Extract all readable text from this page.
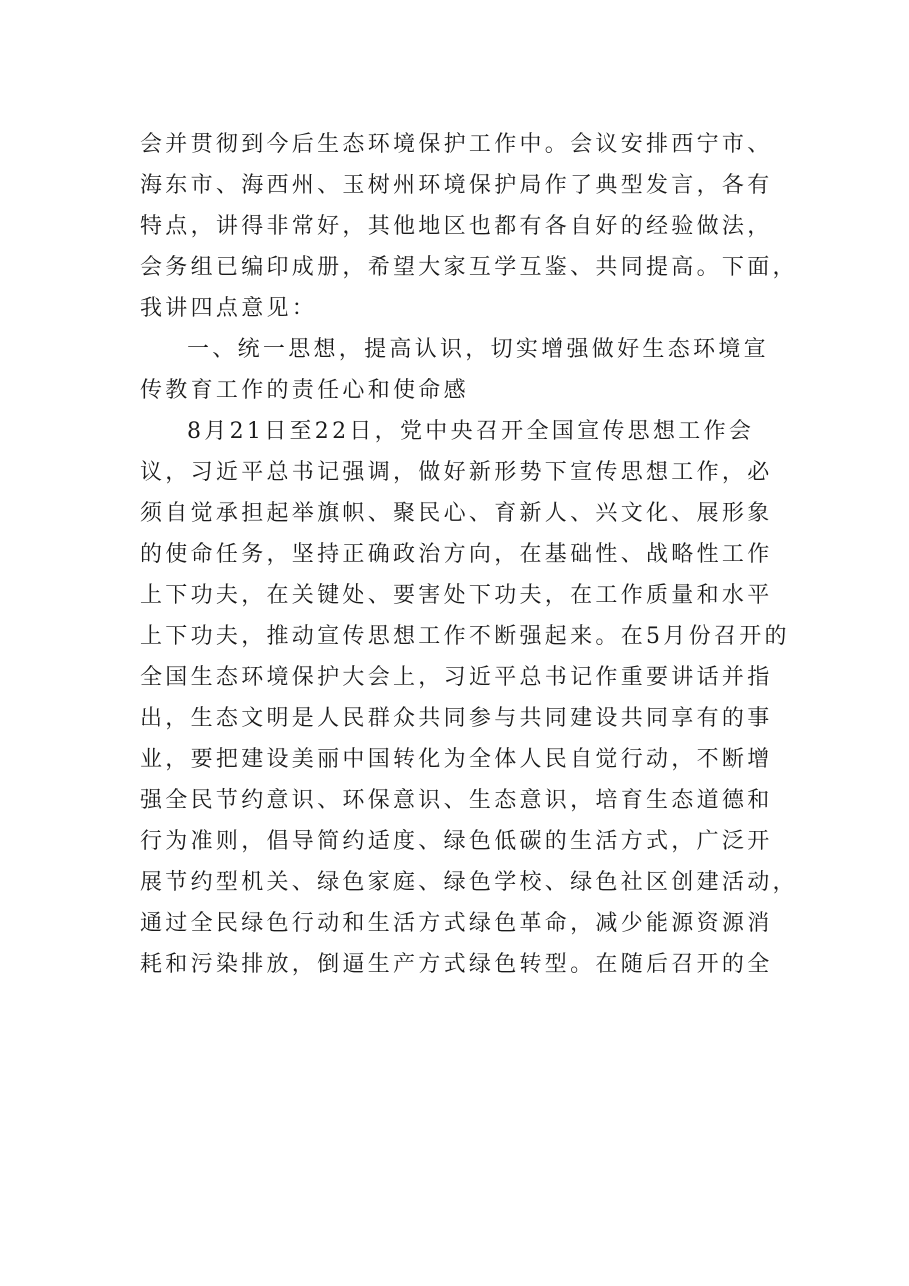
会并贯彻到今后生态环境保护工作中。会议安排西宁市、
海东市、海西州、玉树州环境保护局作了典型发言，各有
特点，讲得非常好，其他地区也都有各自好的经验做法，
会务组已编印成册，希望大家互学互鉴、共同提高。下面，
我讲四点意见：
一、统一思想，提高认识，切实增强做好生态环境宣
传教育工作的责任心和使命感
8月21日至22日，党中央召开全国宣传思想工作会
议，习近平总书记强调，做好新形势下宣传思想工作，必
须自觉承担起举旗帜、聚民心、育新人、兴文化、展形象
的使命任务，坚持正确政治方向，在基础性、战略性工作
上下功夫，在关键处、要害处下功夫，在工作质量和水平
上下功夫，推动宣传思想工作不断强起来。在5月份召开的
全国生态环境保护大会上，习近平总书记作重要讲话并指
出，生态文明是人民群众共同参与共同建设共同享有的事
业，要把建设美丽中国转化为全体人民自觉行动，不断增
强全民节约意识、环保意识、生态意识，培育生态道德和
行为准则，倡导简约适度、绿色低碳的生活方式，广泛开
展节约型机关、绿色家庭、绿色学校、绿色社区创建活动，
通过全民绿色行动和生活方式绿色革命，减少能源资源消
耗和污染排放，倒逼生产方式绿色转型。在随后召开的全
